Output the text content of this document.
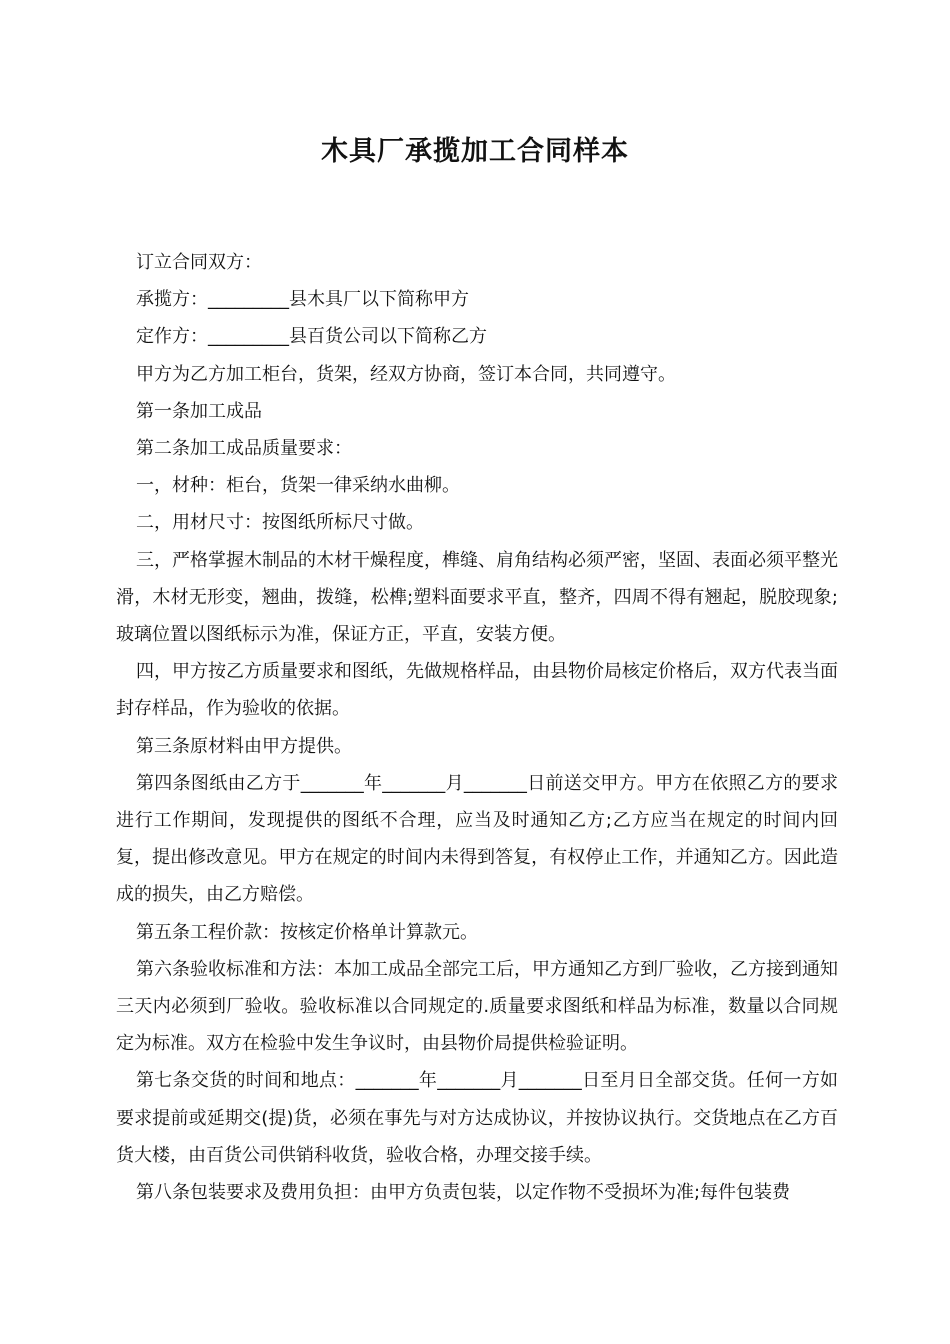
木具厂承揽加工合同样本

订立合同双方：

承揽方：_________县木具厂以下简称甲方

定作方：_________县百货公司以下简称乙方

甲方为乙方加工柜台，货架，经双方协商，签订本合同，共同遵守。

第一条加工成品

第二条加工成品质量要求：

一，材种：柜台，货架一律采纳水曲柳。

二，用材尺寸：按图纸所标尺寸做。

三，严格掌握木制品的木材干燥程度，榫缝、肩角结构必须严密，坚固、表面必须平整光滑，木材无形变，翘曲，拨缝，松榫;塑料面要求平直，整齐，四周不得有翘起，脱胶现象;玻璃位置以图纸标示为准，保证方正，平直，安装方便。

四，甲方按乙方质量要求和图纸，先做规格样品，由县物价局核定价格后，双方代表当面封存样品，作为验收的依据。

第三条原材料由甲方提供。

第四条图纸由乙方于_______年_______月_______日前送交甲方。甲方在依照乙方的要求进行工作期间，发现提供的图纸不合理，应当及时通知乙方;乙方应当在规定的时间内回复，提出修改意见。甲方在规定的时间内未得到答复，有权停止工作，并通知乙方。因此造成的损失，由乙方赔偿。

第五条工程价款：按核定价格单计算款元。

第六条验收标准和方法：本加工成品全部完工后，甲方通知乙方到厂验收，乙方接到通知三天内必须到厂验收。验收标准以合同规定的.质量要求图纸和样品为标准，数量以合同规定为标准。双方在检验中发生争议时，由县物价局提供检验证明。

第七条交货的时间和地点：_______年_______月_______日至月日全部交货。任何一方如要求提前或延期交(提)货，必须在事先与对方达成协议，并按协议执行。交货地点在乙方百货大楼，由百货公司供销科收货，验收合格，办理交接手续。

第八条包装要求及费用负担：由甲方负责包装，以定作物不受损坏为准;每件包装费
